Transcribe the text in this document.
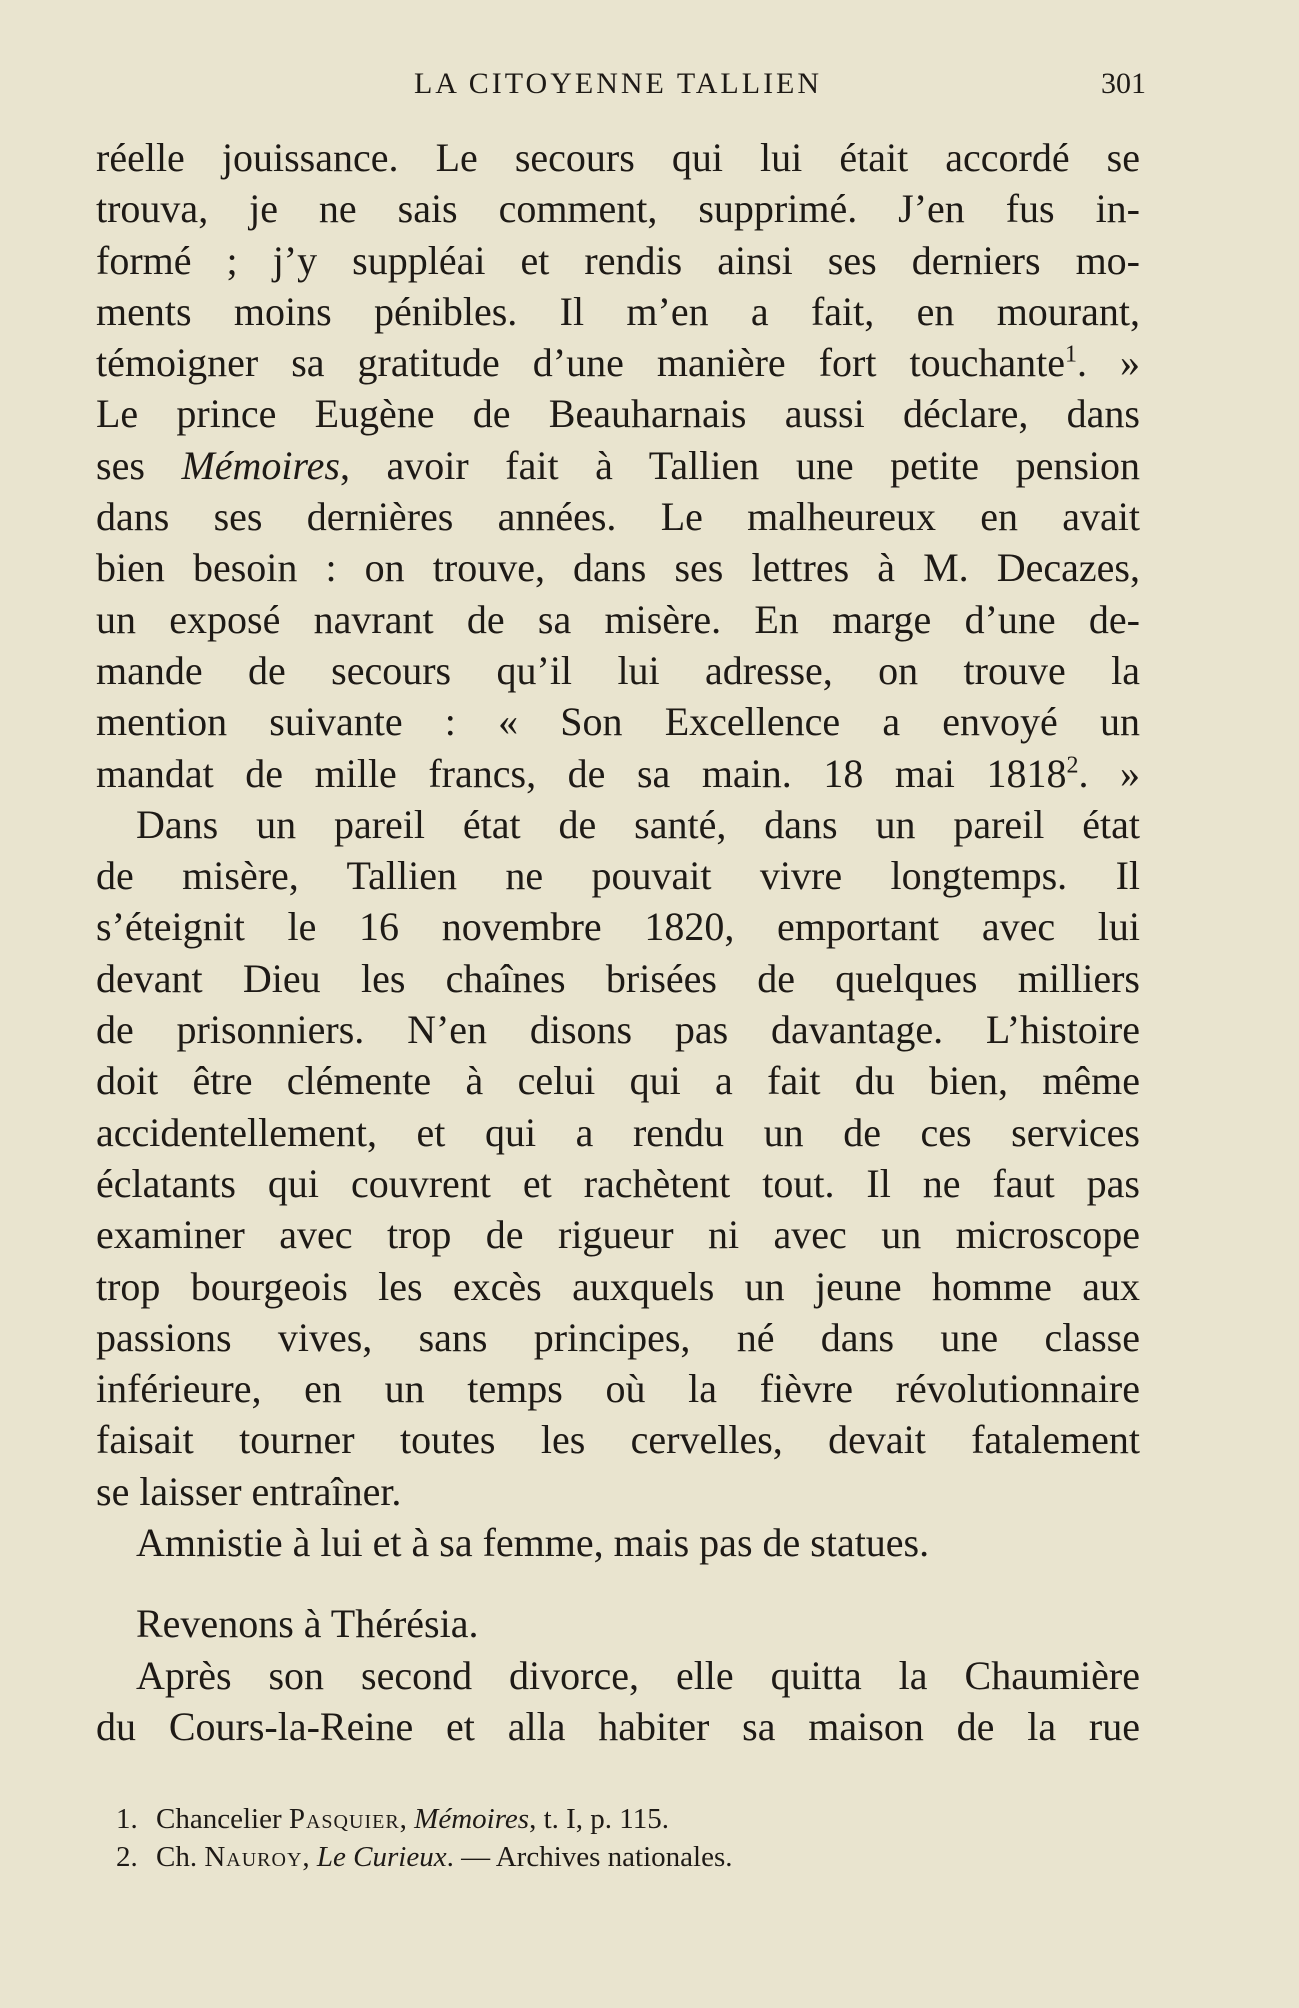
LA CITOYENNE TALLIEN	301
réelle jouissance. Le secours qui lui était accordé se
trouva, je ne sais comment, supprimé. J’en fus in-
formé ; j’y suppléai et rendis ainsi ses derniers mo-
ments moins pénibles. Il m’en a fait, en mourant,
témoigner sa gratitude d’une manière fort touchante$^1$. »
Le prince Eugène de Beauharnais aussi déclare, dans
ses Mémoires, avoir fait à Tallien une petite pension
dans ses dernières années. Le malheureux en avait
bien besoin : on trouve, dans ses lettres à M. Decazes,
un exposé navrant de sa misère. En marge d’une de-
mande de secours qu’il lui adresse, on trouve la
mention suivante : « Son Excellence a envoyé un
mandat de mille francs, de sa main. 18 mai 1818$^2$. »
Dans un pareil état de santé, dans un pareil état
de misère, Tallien ne pouvait vivre longtemps. Il
s’éteignit le 16 novembre 1820, emportant avec lui
devant Dieu les chaînes brisées de quelques milliers
de prisonniers. N’en disons pas davantage. L’histoire
doit être clémente à celui qui a fait du bien, même
accidentellement, et qui a rendu un de ces services
éclatants qui couvrent et rachètent tout. Il ne faut pas
examiner avec trop de rigueur ni avec un microscope
trop bourgeois les excès auxquels un jeune homme aux
passions vives, sans principes, né dans une classe
inférieure, en un temps où la fièvre révolutionnaire
faisait tourner toutes les cervelles, devait fatalement
se laisser entraîner.
Amnistie à lui et à sa femme, mais pas de statues.
Revenons à Thérésia.
Après son second divorce, elle quitta la Chaumière
du Cours-la-Reine et alla habiter sa maison de la rue
1. Chancelier Pasquier, Mémoires, t. I, p. 115.
2. Ch. Nauroy, Le Curieux. — Archives nationales.
